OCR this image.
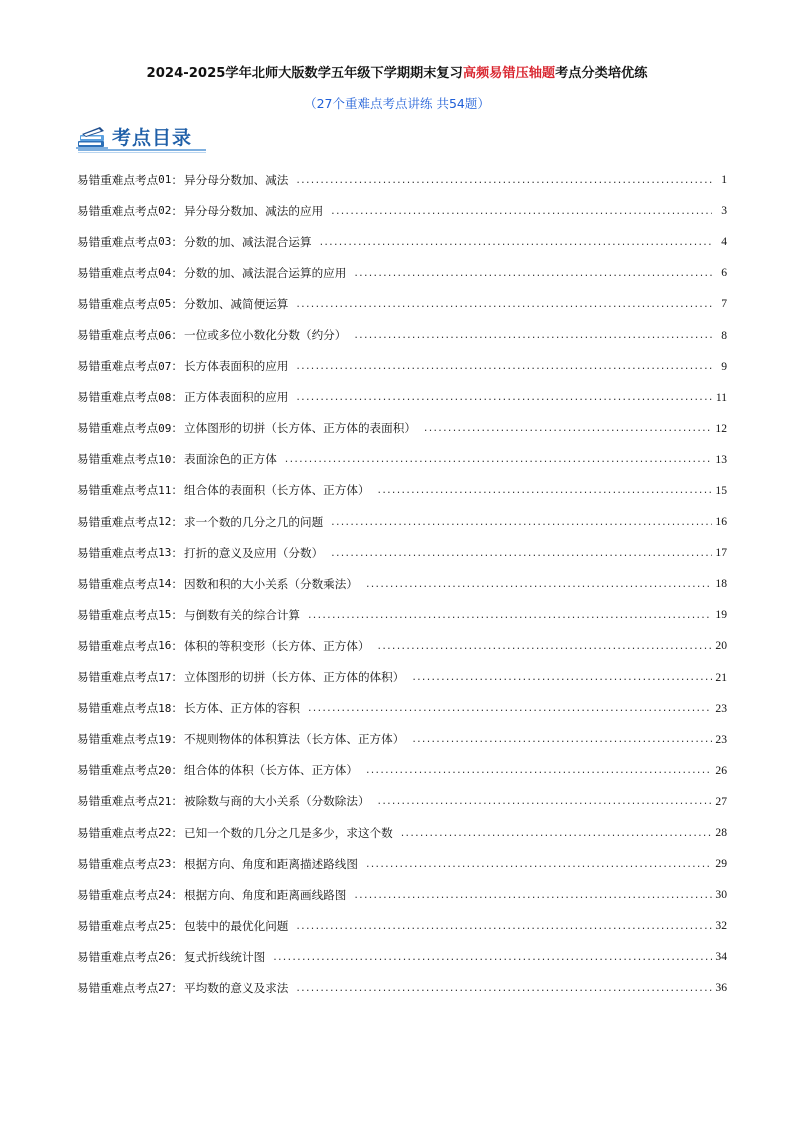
2024-2025学年北师大版数学五年级下学期期末复习高频易错压轴题考点分类培优练
（27个重难点考点讲练 共54题）
考点目录
易错重难点考点 01 ： 异分母分数加、减法 .....	1
易错重难点考点 02 ： 异分母分数加、减法的应用 .....	3
易错重难点考点 03 ： 分数的加、减法混合运算 .....	4
易错重难点考点 04 ： 分数的加、减法混合运算的应用 .....	6
易错重难点考点 05 ： 分数加、减简便运算 .....	7
易错重难点考点 06 ： 一位或多位小数化分数（约分） .....	8
易错重难点考点 07 ： 长方体表面积的应用 .....	9
易错重难点考点 08 ： 正方体表面积的应用 .....	11
易错重难点考点 09 ： 立体图形的切拼（长方体、正方体的表面积） .....	12
易错重难点考点 10 ： 表面涂色的正方体 .....	13
易错重难点考点 11 ： 组合体的表面积（长方体、正方体） .....	15
易错重难点考点 12 ： 求一个数的几分之几的问题 .....	16
易错重难点考点 13 ： 打折的意义及应用（分数） .....	17
易错重难点考点 14 ： 因数和积的大小关系（分数乘法） .....	18
易错重难点考点 15 ： 与倒数有关的综合计算 .....	19
易错重难点考点 16 ： 体积的等积变形（长方体、正方体） .....	20
易错重难点考点 17 ： 立体图形的切拼（长方体、正方体的体积） .....	21
易错重难点考点 18 ： 长方体、正方体的容积 .....	23
易错重难点考点 19 ： 不规则物体的体积算法（长方体、正方体） .....	23
易错重难点考点 20 ： 组合体的体积（长方体、正方体） .....	26
易错重难点考点 21 ： 被除数与商的大小关系（分数除法） .....	27
易错重难点考点 22 ： 已知一个数的几分之几是多少，求这个数 .....	28
易错重难点考点 23 ： 根据方向、角度和距离描述路线图 .....	29
易错重难点考点 24 ： 根据方向、角度和距离画线路图 .....	30
易错重难点考点 25 ： 包装中的最优化问题 .....	32
易错重难点考点 26 ： 复式折线统计图 .....	34
易错重难点考点 27 ： 平均数的意义及求法 .....	36
